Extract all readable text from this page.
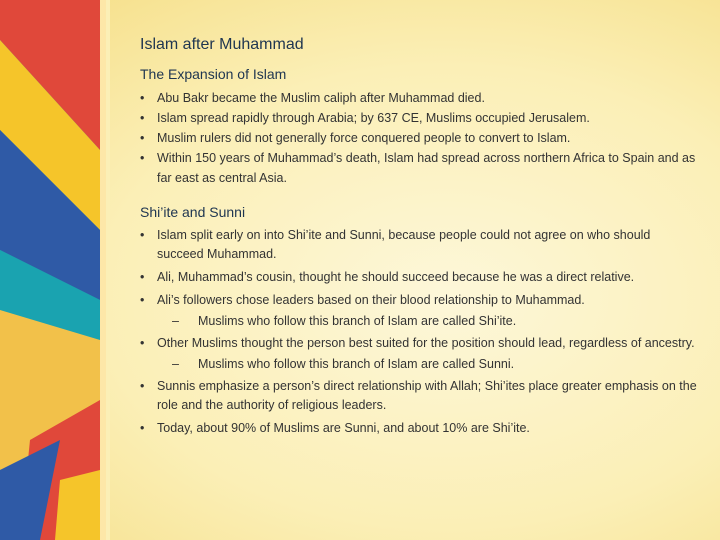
Islam after Muhammad
The Expansion of Islam
• Abu Bakr became the Muslim caliph after Muhammad died.
• Islam spread rapidly through Arabia; by 637 CE, Muslims occupied Jerusalem.
• Muslim rulers did not generally force conquered people to convert to Islam.
• Within 150 years of Muhammad’s death, Islam had spread across northern Africa to Spain and as far east as central Asia.
Shi’ite and Sunni
• Islam split early on into Shi’ite and Sunni, because people could not agree on who should succeed Muhammad.
• Ali, Muhammad’s cousin, thought he should succeed because he was a direct relative.
• Ali’s followers chose leaders based on their blood relationship to Muhammad.
– Muslims who follow this branch of Islam are called Shi’ite.
• Other Muslims thought the person best suited for the position should lead, regardless of ancestry.
– Muslims who follow this branch of Islam are called Sunni.
• Sunnis emphasize a person’s direct relationship with Allah; Shi’ites place greater emphasis on the role and the authority of religious leaders.
• Today, about 90% of Muslims are Sunni, and about 10% are Shi’ite.
